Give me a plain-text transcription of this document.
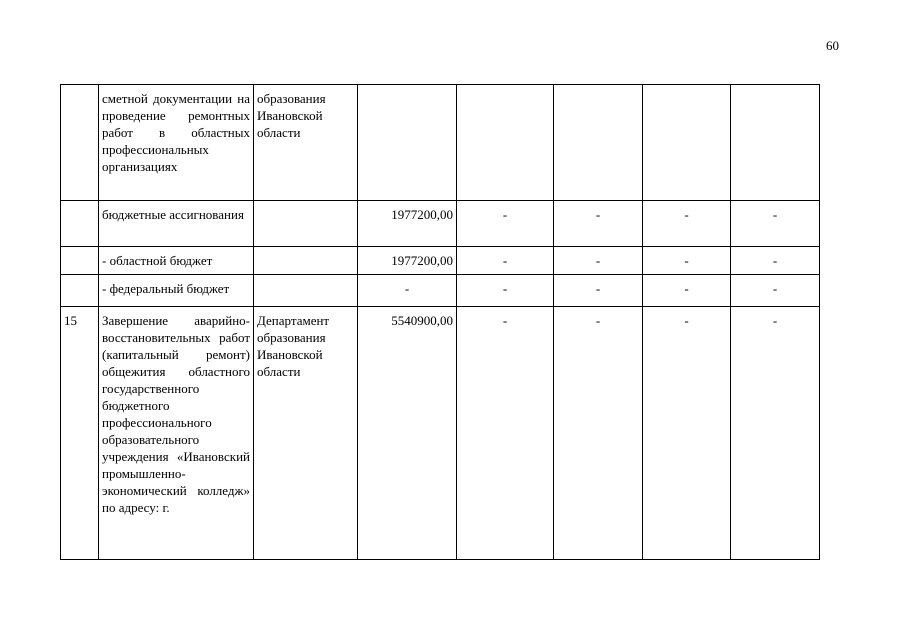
60
	сметной документации на проведение ремонтных работ в областных профессиональных организациях	образования Ивановской области					
	бюджетные ассигнования		1977200,00	-	-	-	-
	- областной бюджет		1977200,00	-	-	-	-
	- федеральный бюджет		-	-	-	-	-
15	Завершение аварийно-восстановительных работ (капитальный ремонт) общежития областного государственного бюджетного профессионального образовательного учреждения «Ивановский промышленно-экономический колледж» по адресу: г.	Департамент образования Ивановской области	5540900,00	-	-	-	-
